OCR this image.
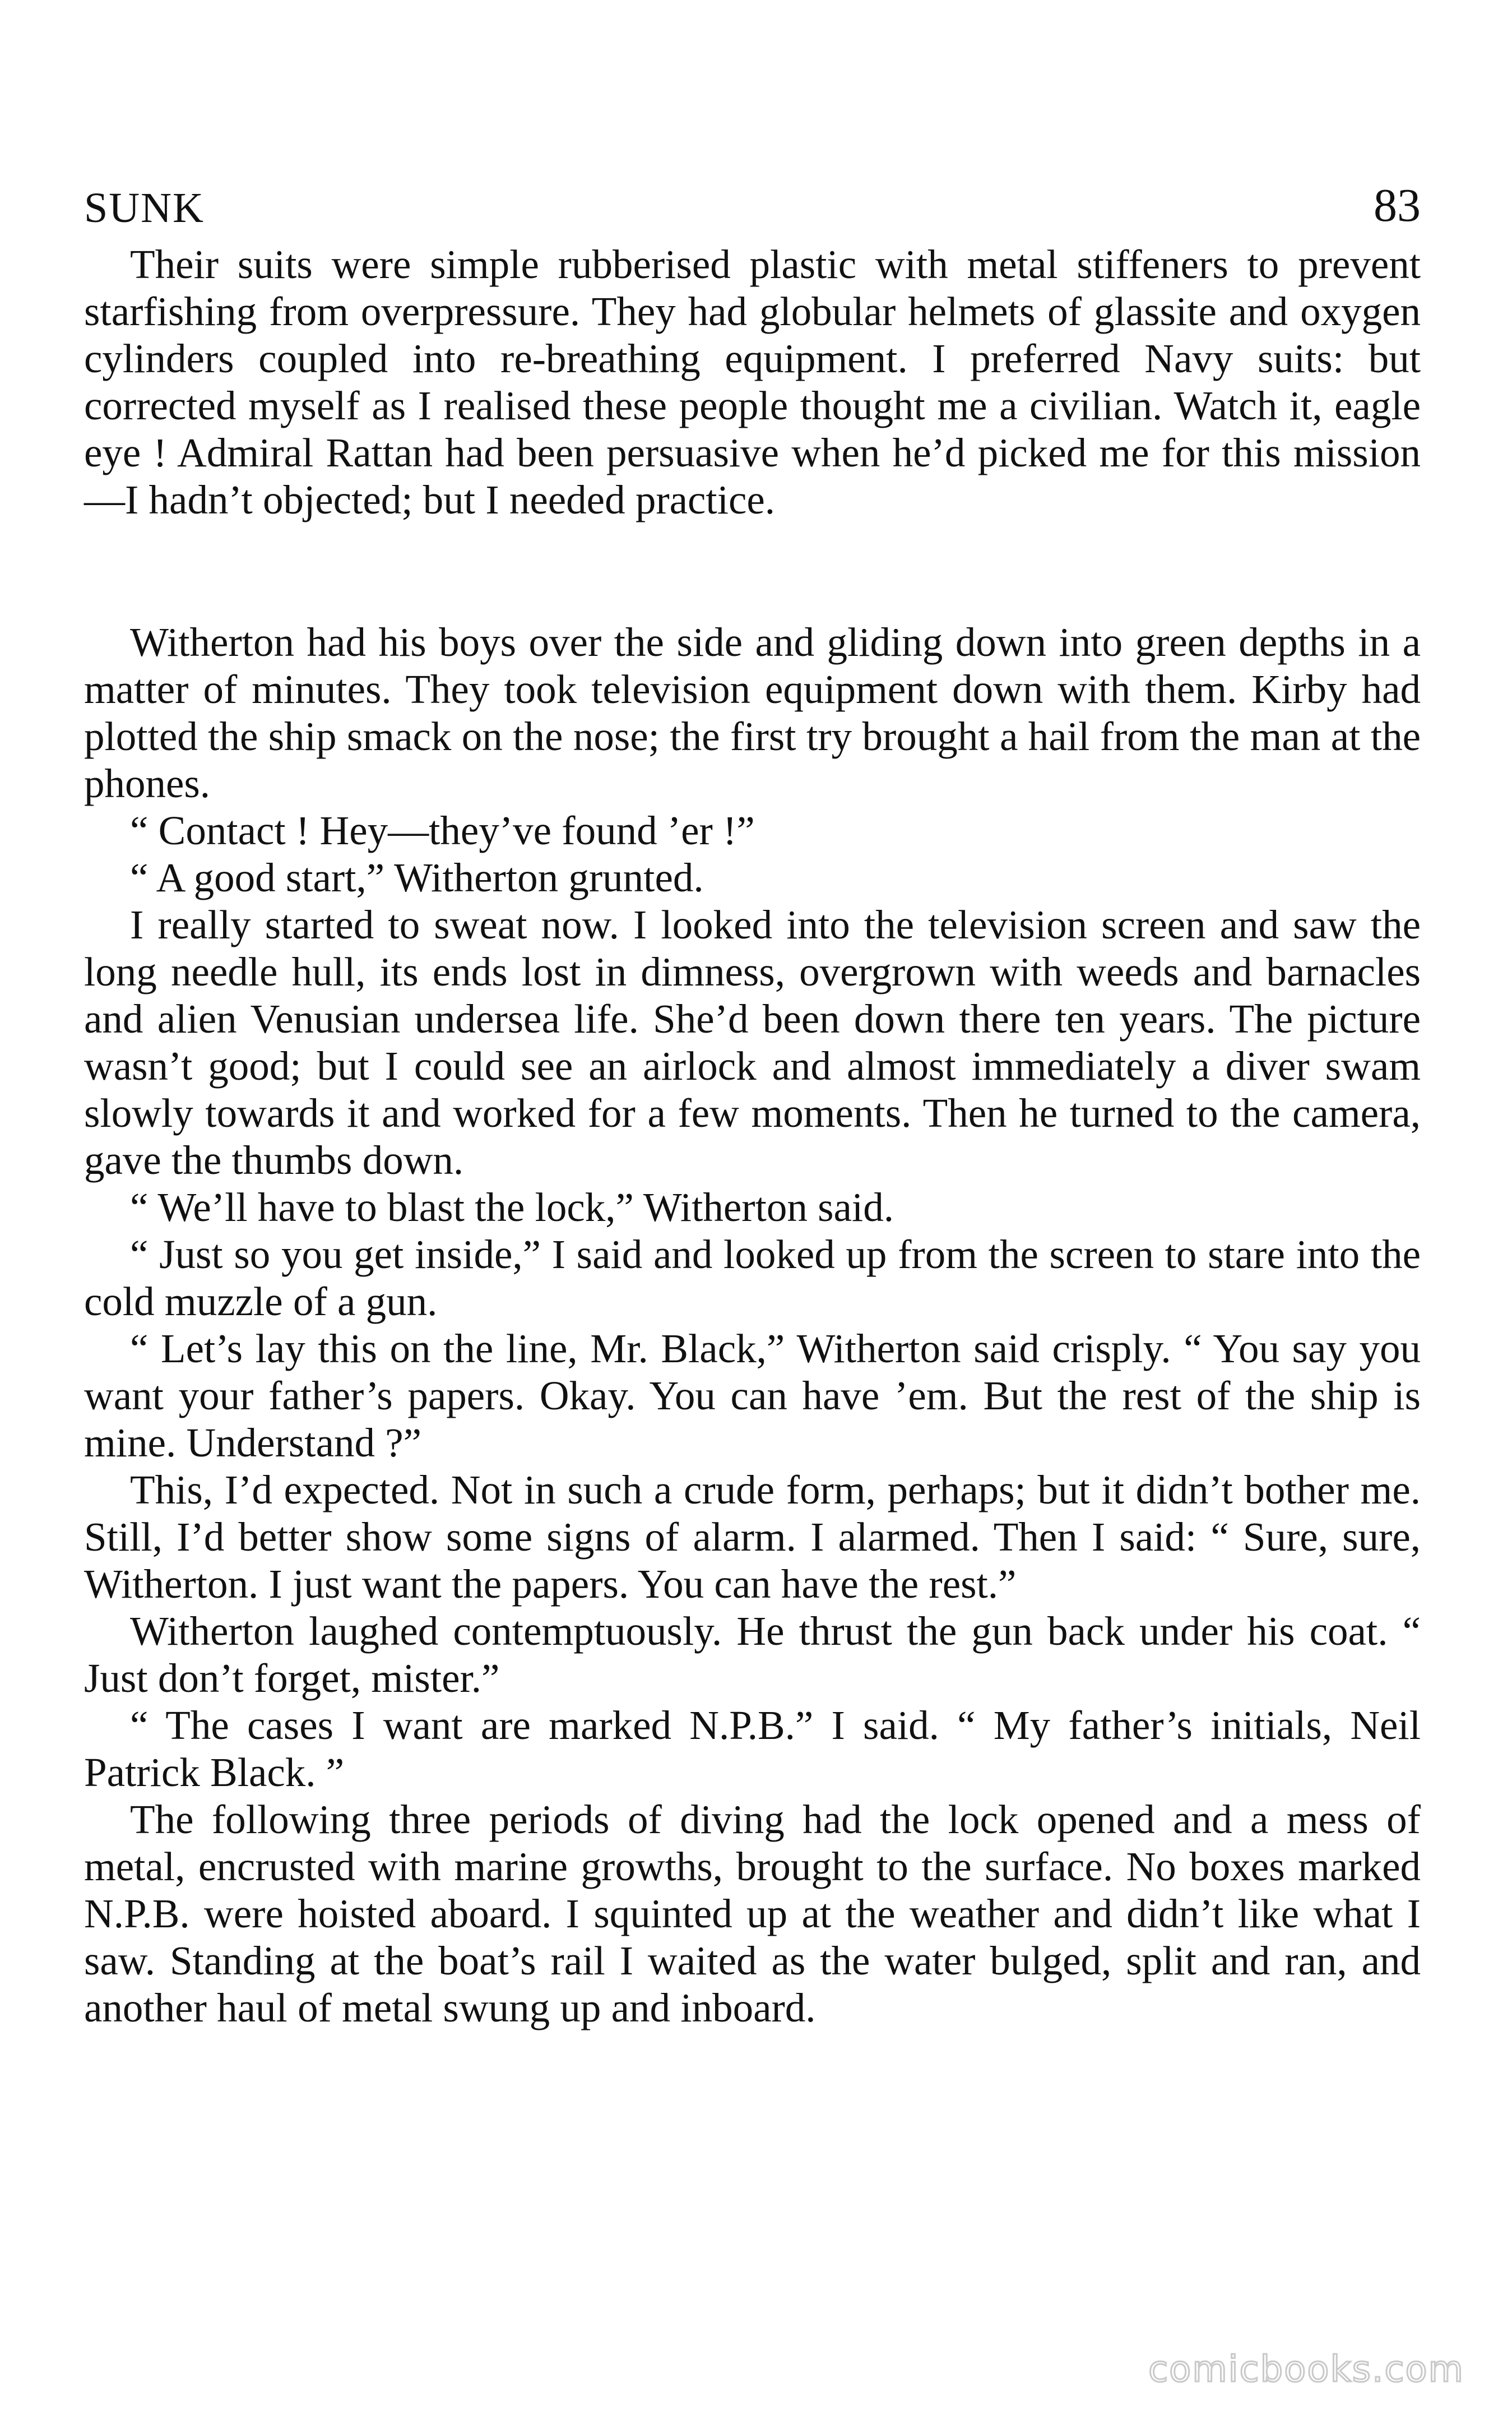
SUNK	83

Their suits were simple rubberised plastic with metal stiffeners to prevent starfishing from overpressure. They had globular helmets of glassite and oxygen cylinders coupled into re-breathing equipment. I preferred Navy suits: but corrected myself as I realised these people thought me a civilian. Watch it, eagle eye ! Admiral Rattan had been persuasive when he’d picked me for this mission—I hadn’t objected; but I needed practice.

Witherton had his boys over the side and gliding down into green depths in a matter of minutes. They took television equipment down with them. Kirby had plotted the ship smack on the nose; the first try brought a hail from the man at the phones.

“ Contact ! Hey—they’ve found ’er !”

“ A good start,” Witherton grunted.

I really started to sweat now. I looked into the television screen and saw the long needle hull, its ends lost in dimness, overgrown with weeds and barnacles and alien Venusian undersea life. She’d been down there ten years. The picture wasn’t good; but I could see an airlock and almost immediately a diver swam slowly towards it and worked for a few moments. Then he turned to the camera, gave the thumbs down.

“ We’ll have to blast the lock,” Witherton said.

“ Just so you get inside,” I said and looked up from the screen to stare into the cold muzzle of a gun.

“ Let’s lay this on the line, Mr. Black,” Witherton said crisply. “ You say you want your father’s papers. Okay. You can have ’em. But the rest of the ship is mine. Understand ?”

This, I’d expected. Not in such a crude form, perhaps; but it didn’t bother me. Still, I’d better show some signs of alarm. I alarmed. Then I said: “ Sure, sure, Witherton. I just want the papers. You can have the rest.”

Witherton laughed contemptuously. He thrust the gun back under his coat. “ Just don’t forget, mister.”

“ The cases I want are marked N.P.B.” I said. “ My father’s initials, Neil Patrick Black. ”

The following three periods of diving had the lock opened and a mess of metal, encrusted with marine growths, brought to the surface. No boxes marked N.P.B. were hoisted aboard. I squinted up at the weather and didn’t like what I saw. Standing at the boat’s rail I waited as the water bulged, split and ran, and another haul of metal swung up and inboard.

comicbooks.com
